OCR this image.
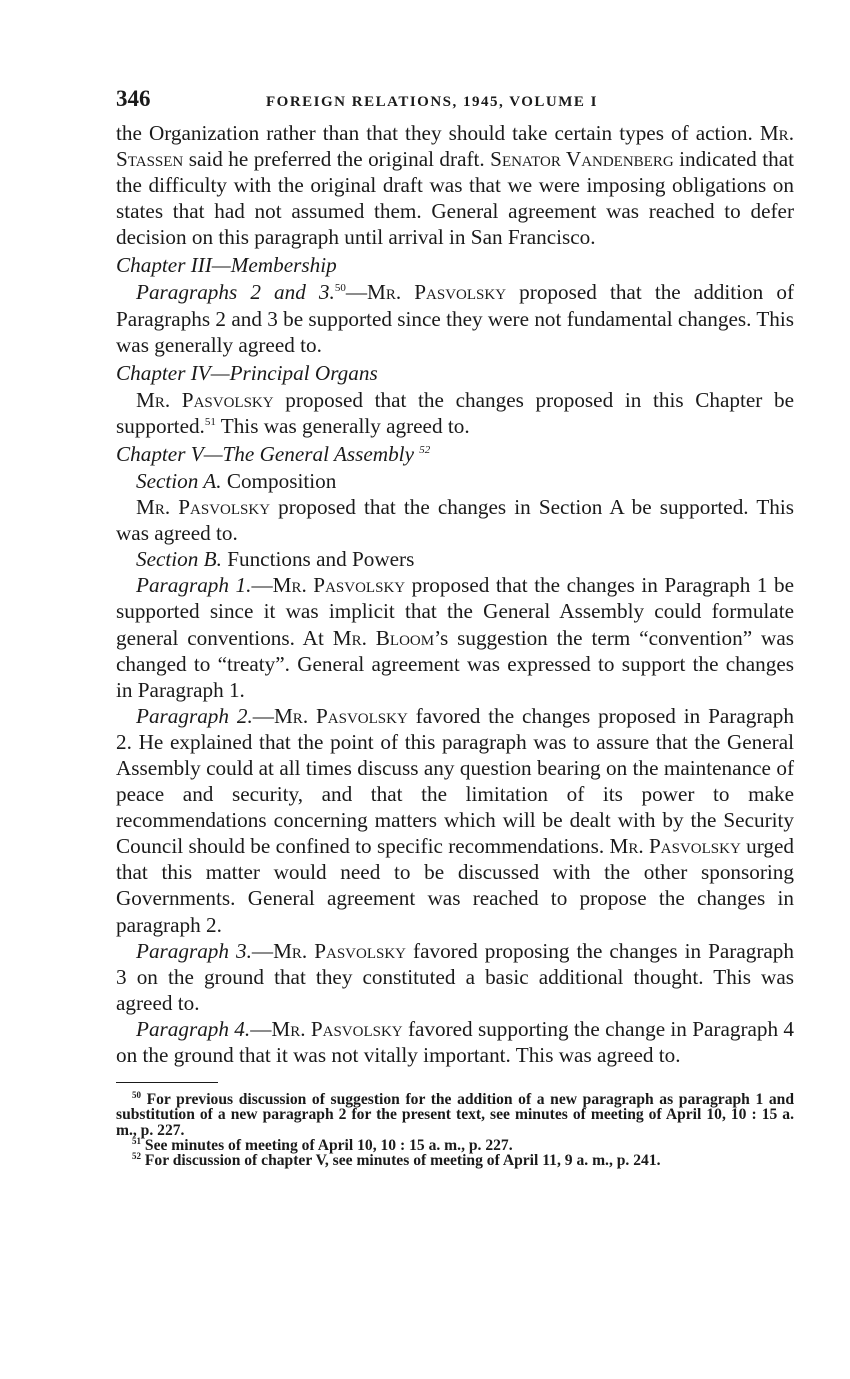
346	FOREIGN RELATIONS, 1945, VOLUME I

the Organization rather than that they should take certain types of action. Mr. Stassen said he preferred the original draft. Senator Vandenberg indicated that the difficulty with the original draft was that we were imposing obligations on states that had not assumed them. General agreement was reached to defer decision on this paragraph until arrival in San Francisco.

Chapter III—Membership

Paragraphs 2 and 3.50—Mr. Pasvolsky proposed that the addition of Paragraphs 2 and 3 be supported since they were not fundamental changes. This was generally agreed to.

Chapter IV—Principal Organs

Mr. Pasvolsky proposed that the changes proposed in this Chapter be supported.$^{51}$ This was generally agreed to.

Chapter V—The General Assembly $^{52}$

Section A. Composition

Mr. Pasvolsky proposed that the changes in Section A be supported. This was agreed to.

Section B. Functions and Powers

Paragraph 1.—Mr. Pasvolsky proposed that the changes in Paragraph 1 be supported since it was implicit that the General Assembly could formulate general conventions. At Mr. Bloom’s suggestion the term “convention” was changed to “treaty”. General agreement was expressed to support the changes in Paragraph 1.

Paragraph 2.—Mr. Pasvolsky favored the changes proposed in Paragraph 2. He explained that the point of this paragraph was to assure that the General Assembly could at all times discuss any question bearing on the maintenance of peace and security, and that the limitation of its power to make recommendations concerning matters which will be dealt with by the Security Council should be confined to specific recommendations. Mr. Pasvolsky urged that this matter would need to be discussed with the other sponsoring Governments. General agreement was reached to propose the changes in paragraph 2.

Paragraph 3.—Mr. Pasvolsky favored proposing the changes in Paragraph 3 on the ground that they constituted a basic additional thought. This was agreed to.

Paragraph 4.—Mr. Pasvolsky favored supporting the change in Paragraph 4 on the ground that it was not vitally important. This was agreed to.

$^{50}$ For previous discussion of suggestion for the addition of a new paragraph as paragraph 1 and substitution of a new paragraph 2 for the present text, see minutes of meeting of April 10, 10 : 15 a. m., p. 227.

$^{51}$ See minutes of meeting of April 10, 10 : 15 a. m., p. 227.

$^{52}$ For discussion of chapter V, see minutes of meeting of April 11, 9 a. m., p. 241.
